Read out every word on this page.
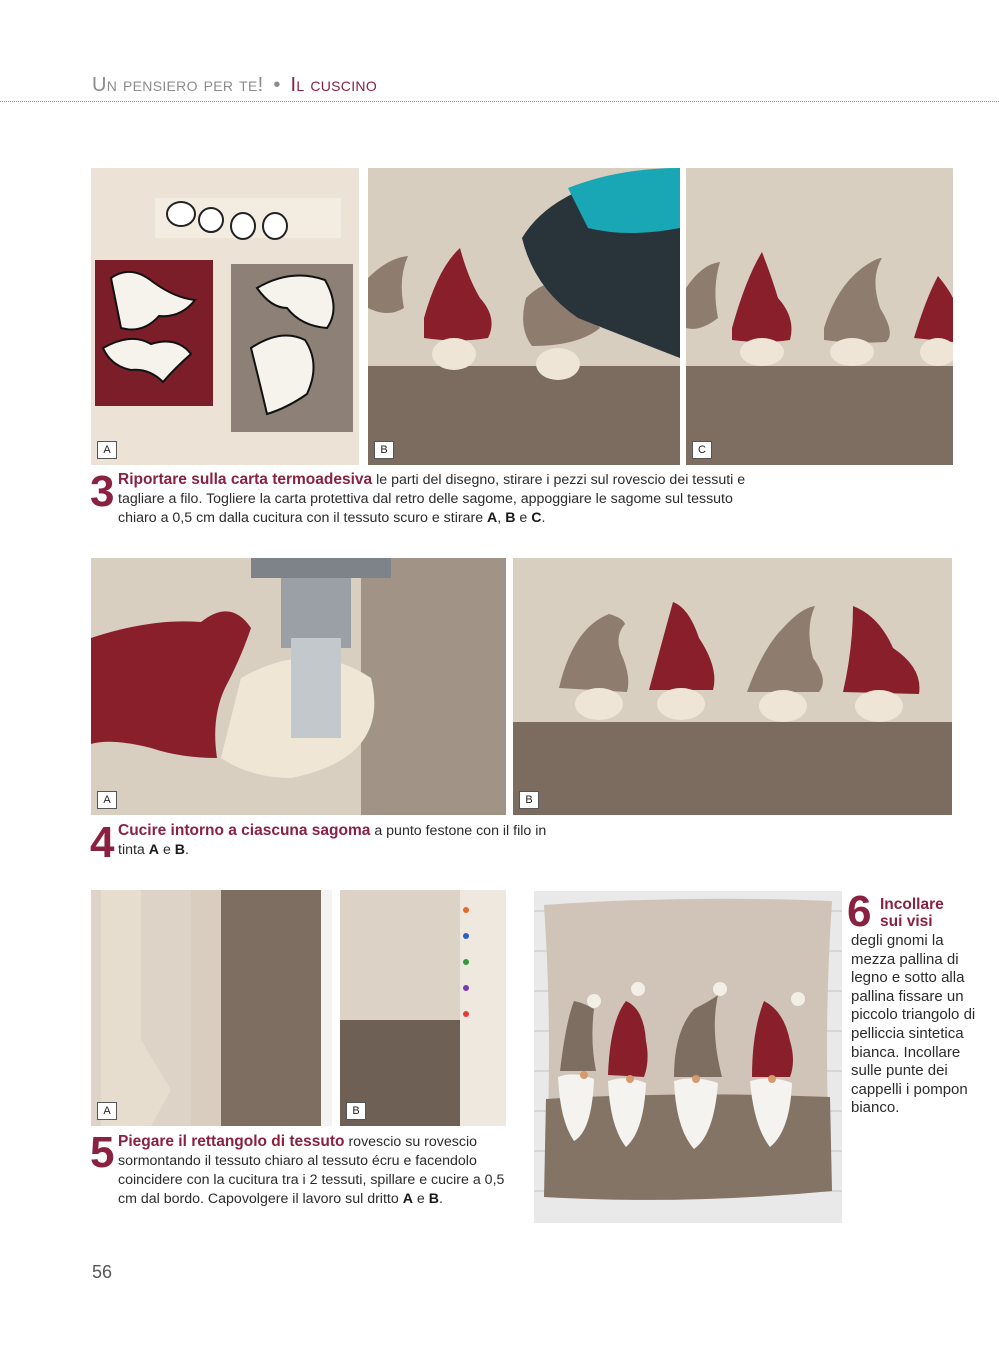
Un pensiero per te! • Il cuscino
A	B	C
3 Riportare sulla carta termoadesiva le parti del disegno, stirare i pezzi sul rovescio dei tessuti e tagliare a filo. Togliere la carta protettiva dal retro delle sagome, appoggiare le sagome sul tessuto chiaro a 0,5 cm dalla cucitura con il tessuto scuro e stirare A, B e C.
A	B
4 Cucire intorno a ciascuna sagoma a punto festone con il filo in tinta A e B.
A	B
5 Piegare il rettangolo di tessuto rovescio su rovescio sormontando il tessuto chiaro al tessuto écru e facendolo coincidere con la cucitura tra i 2 tessuti, spillare e cucire a 0,5 cm dal bordo. Capovolgere il lavoro sul dritto A e B.
6 Incollare
sui visi
degli gnomi la mezza pallina di legno e sotto alla pallina fissare un piccolo triangolo di pelliccia sintetica bianca. Incollare sulle punte dei cappelli i pompon bianco.
56
